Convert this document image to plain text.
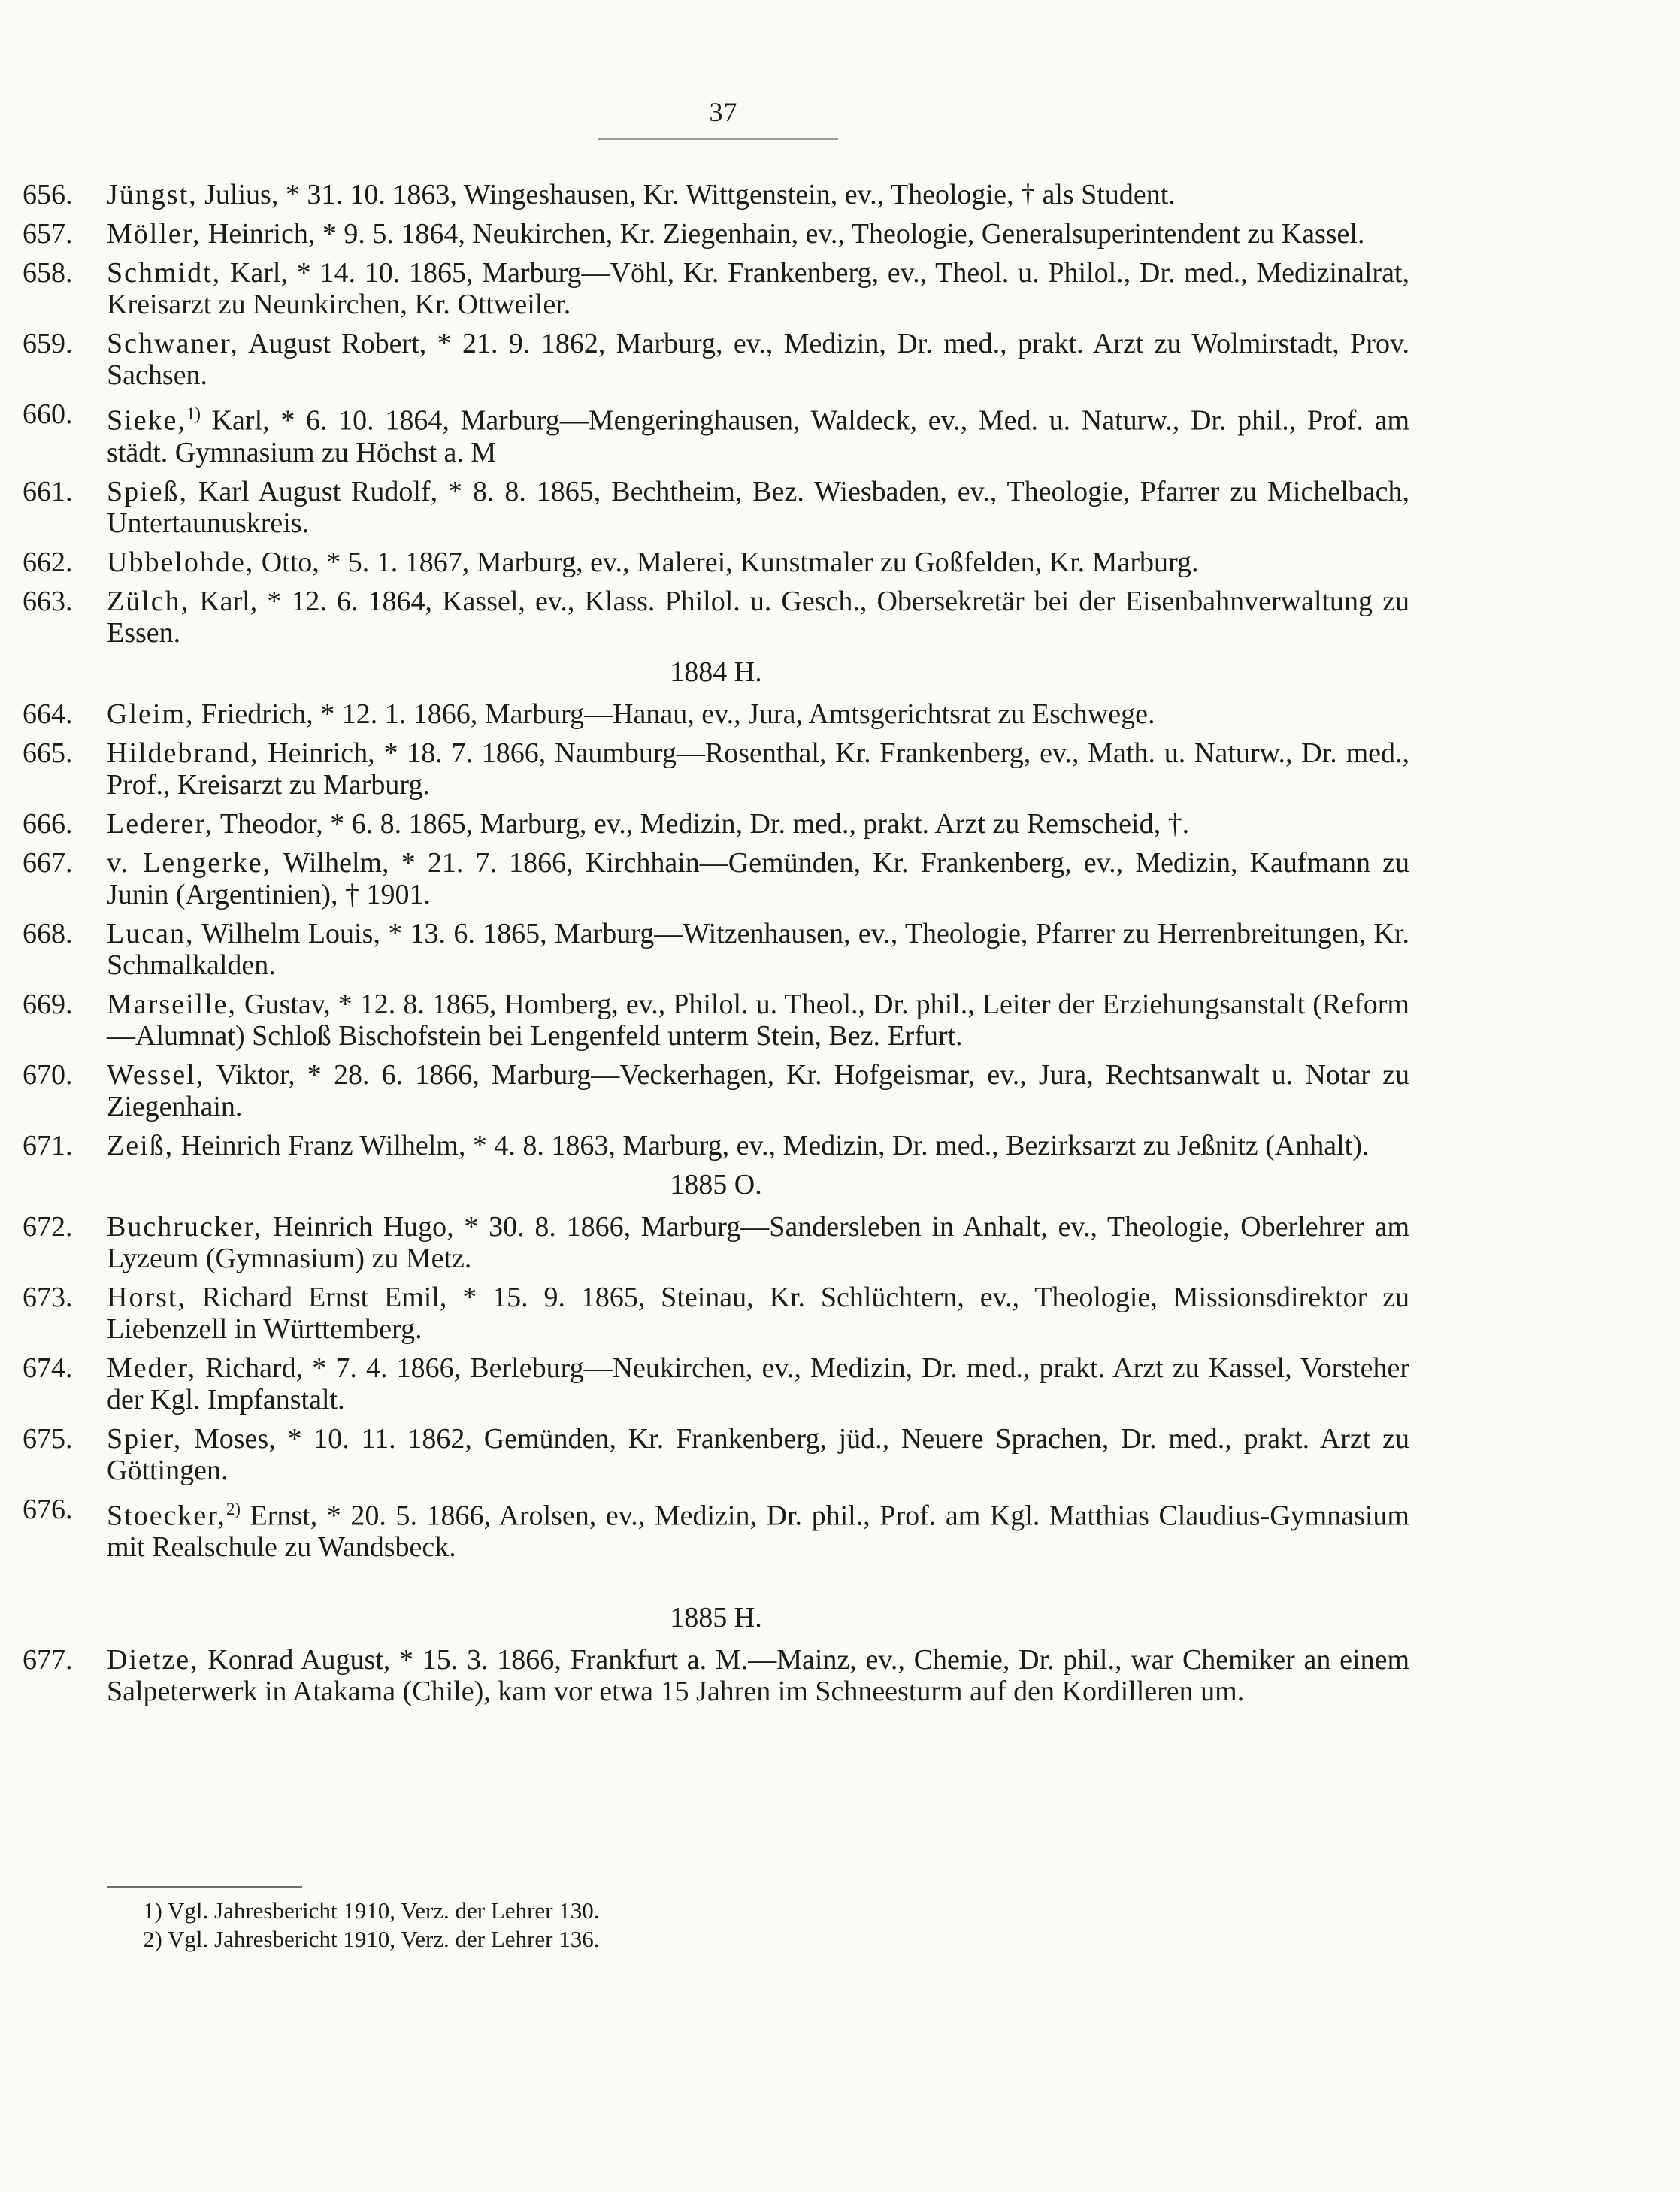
37
656. Jüngst, Julius, * 31. 10. 1863, Wingeshausen, Kr. Wittgenstein, ev., Theologie, † als Student.
657. Möller, Heinrich, * 9. 5. 1864, Neukirchen, Kr. Ziegenhain, ev., Theologie, Generalsuperintendent zu Kassel.
658. Schmidt, Karl, * 14. 10. 1865, Marburg—Vöhl, Kr. Frankenberg, ev., Theol. u. Philol., Dr. med., Medizinalrat, Kreisarzt zu Neunkirchen, Kr. Ottweiler.
659. Schwaner, August Robert, * 21. 9. 1862, Marburg, ev., Medizin, Dr. med., prakt. Arzt zu Wolmirstadt, Prov. Sachsen.
660. Sieke,$^{1)}$ Karl, * 6. 10. 1864, Marburg—Mengeringhausen, Waldeck, ev., Med. u. Naturw., Dr. phil., Prof. am städt. Gymnasium zu Höchst a. M
661. Spieß, Karl August Rudolf, * 8. 8. 1865, Bechtheim, Bez. Wiesbaden, ev., Theologie, Pfarrer zu Michelbach, Untertaunuskreis.
662. Ubbelohde, Otto, * 5. 1. 1867, Marburg, ev., Malerei, Kunstmaler zu Goßfelden, Kr. Marburg.
663. Zülch, Karl, * 12. 6. 1864, Kassel, ev., Klass. Philol. u. Gesch., Obersekretär bei der Eisenbahnverwaltung zu Essen.
1884 H.
664. Gleim, Friedrich, * 12. 1. 1866, Marburg—Hanau, ev., Jura, Amtsgerichtsrat zu Eschwege.
665. Hildebrand, Heinrich, * 18. 7. 1866, Naumburg—Rosenthal, Kr. Frankenberg, ev., Math. u. Naturw., Dr. med., Prof., Kreisarzt zu Marburg.
666. Lederer, Theodor, * 6. 8. 1865, Marburg, ev., Medizin, Dr. med., prakt. Arzt zu Remscheid, †.
667. v. Lengerke, Wilhelm, * 21. 7. 1866, Kirchhain—Gemünden, Kr. Frankenberg, ev., Medizin, Kaufmann zu Junin (Argentinien), † 1901.
668. Lucan, Wilhelm Louis, * 13. 6. 1865, Marburg—Witzenhausen, ev., Theologie, Pfarrer zu Herrenbreitungen, Kr. Schmalkalden.
669. Marseille, Gustav, * 12. 8. 1865, Homberg, ev., Philol. u. Theol., Dr. phil., Leiter der Erziehungsanstalt (Reform—Alumnat) Schloß Bischofstein bei Lengenfeld unterm Stein, Bez. Erfurt.
670. Wessel, Viktor, * 28. 6. 1866, Marburg—Veckerhagen, Kr. Hofgeismar, ev., Jura, Rechtsanwalt u. Notar zu Ziegenhain.
671. Zeiß, Heinrich Franz Wilhelm, * 4. 8. 1863, Marburg, ev., Medizin, Dr. med., Bezirksarzt zu Jeßnitz (Anhalt).
1885 O.
672. Buchrucker, Heinrich Hugo, * 30. 8. 1866, Marburg—Sandersleben in Anhalt, ev., Theologie, Oberlehrer am Lyzeum (Gymnasium) zu Metz.
673. Horst, Richard Ernst Emil, * 15. 9. 1865, Steinau, Kr. Schlüchtern, ev., Theologie, Missionsdirektor zu Liebenzell in Württemberg.
674. Meder, Richard, * 7. 4. 1866, Berleburg—Neukirchen, ev., Medizin, Dr. med., prakt. Arzt zu Kassel, Vorsteher der Kgl. Impfanstalt.
675. Spier, Moses, * 10. 11. 1862, Gemünden, Kr. Frankenberg, jüd., Neuere Sprachen, Dr. med., prakt. Arzt zu Göttingen.
676. Stoecker,$^{2)}$ Ernst, * 20. 5. 1866, Arolsen, ev., Medizin, Dr. phil., Prof. am Kgl. Matthias Claudius-Gymnasium mit Realschule zu Wandsbeck.
1885 H.
677. Dietze, Konrad August, * 15. 3. 1866, Frankfurt a. M.—Mainz, ev., Chemie, Dr. phil., war Chemiker an einem Salpeterwerk in Atakama (Chile), kam vor etwa 15 Jahren im Schneesturm auf den Kordilleren um.
1) Vgl. Jahresbericht 1910, Verz. der Lehrer 130.
2) Vgl. Jahresbericht 1910, Verz. der Lehrer 136.
